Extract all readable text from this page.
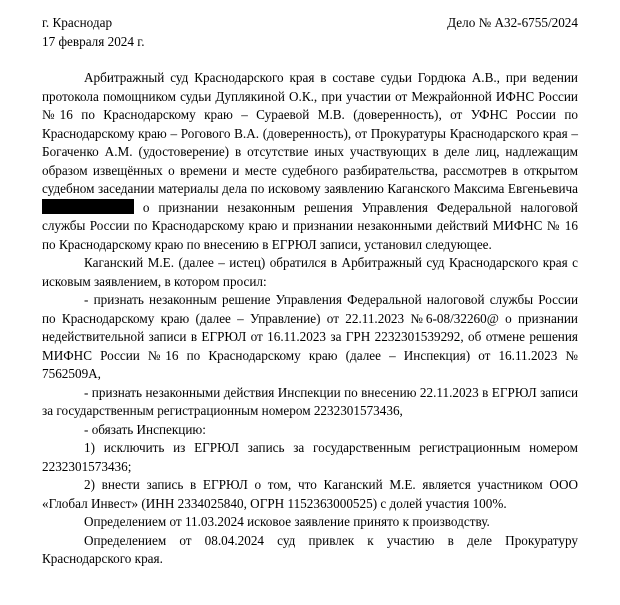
г. Краснодар
17 февраля 2024 г.
Дело № А32-6755/2024

Арбитражный суд Краснодарского края в составе судьи Гордюка А.В., при ведении протокола помощником судьи Дуплякиной О.К., при участии от Межрайонной ИФНС России №16 по Краснодарскому краю – Сураевой М.В. (доверенность), от УФНС России по Краснодарскому краю – Рогового В.А. (доверенность), от Прокуратуры Краснодарского края – Богаченко А.М. (удостоверение) в отсутствие иных участвующих в деле лиц, надлежащим образом извещённых о времени и месте судебного разбирательства, рассмотрев в открытом судебном заседании материалы дела по исковому заявлению Каганского Максима Евгеньевича  о признании незаконным решения Управления Федеральной налоговой службы России по Краснодарскому краю и признании незаконными действий МИФНС № 16 по Краснодарскому краю по внесению в ЕГРЮЛ записи, установил следующее.

Каганский М.Е. (далее – истец) обратился в Арбитражный суд Краснодарского края с исковым заявлением, в котором просил:

- признать незаконным решение Управления Федеральной налоговой службы России по Краснодарскому краю (далее – Управление) от 22.11.2023 №6-08/32260@ о признании недействительной записи в ЕГРЮЛ от 16.11.2023 за ГРН 2232301539292, об отмене решения МИФНС России №16 по Краснодарскому краю (далее – Инспекция) от 16.11.2023 № 7562509А,

- признать незаконными действия Инспекции по внесению 22.11.2023 в ЕГРЮЛ записи за государственным регистрационным номером 2232301573436,

- обязать Инспекцию:

1) исключить из ЕГРЮЛ запись за государственным регистрационным номером 2232301573436;

2) внести запись в ЕГРЮЛ о том, что Каганский М.Е. является участником ООО «Глобал Инвест» (ИНН 2334025840, ОГРН 1152363000525) с долей участия 100%.

Определением от 11.03.2024 исковое заявление принято к производству.

Определением от 08.04.2024 суд привлек к участию в деле Прокуратуру Краснодарского края.
